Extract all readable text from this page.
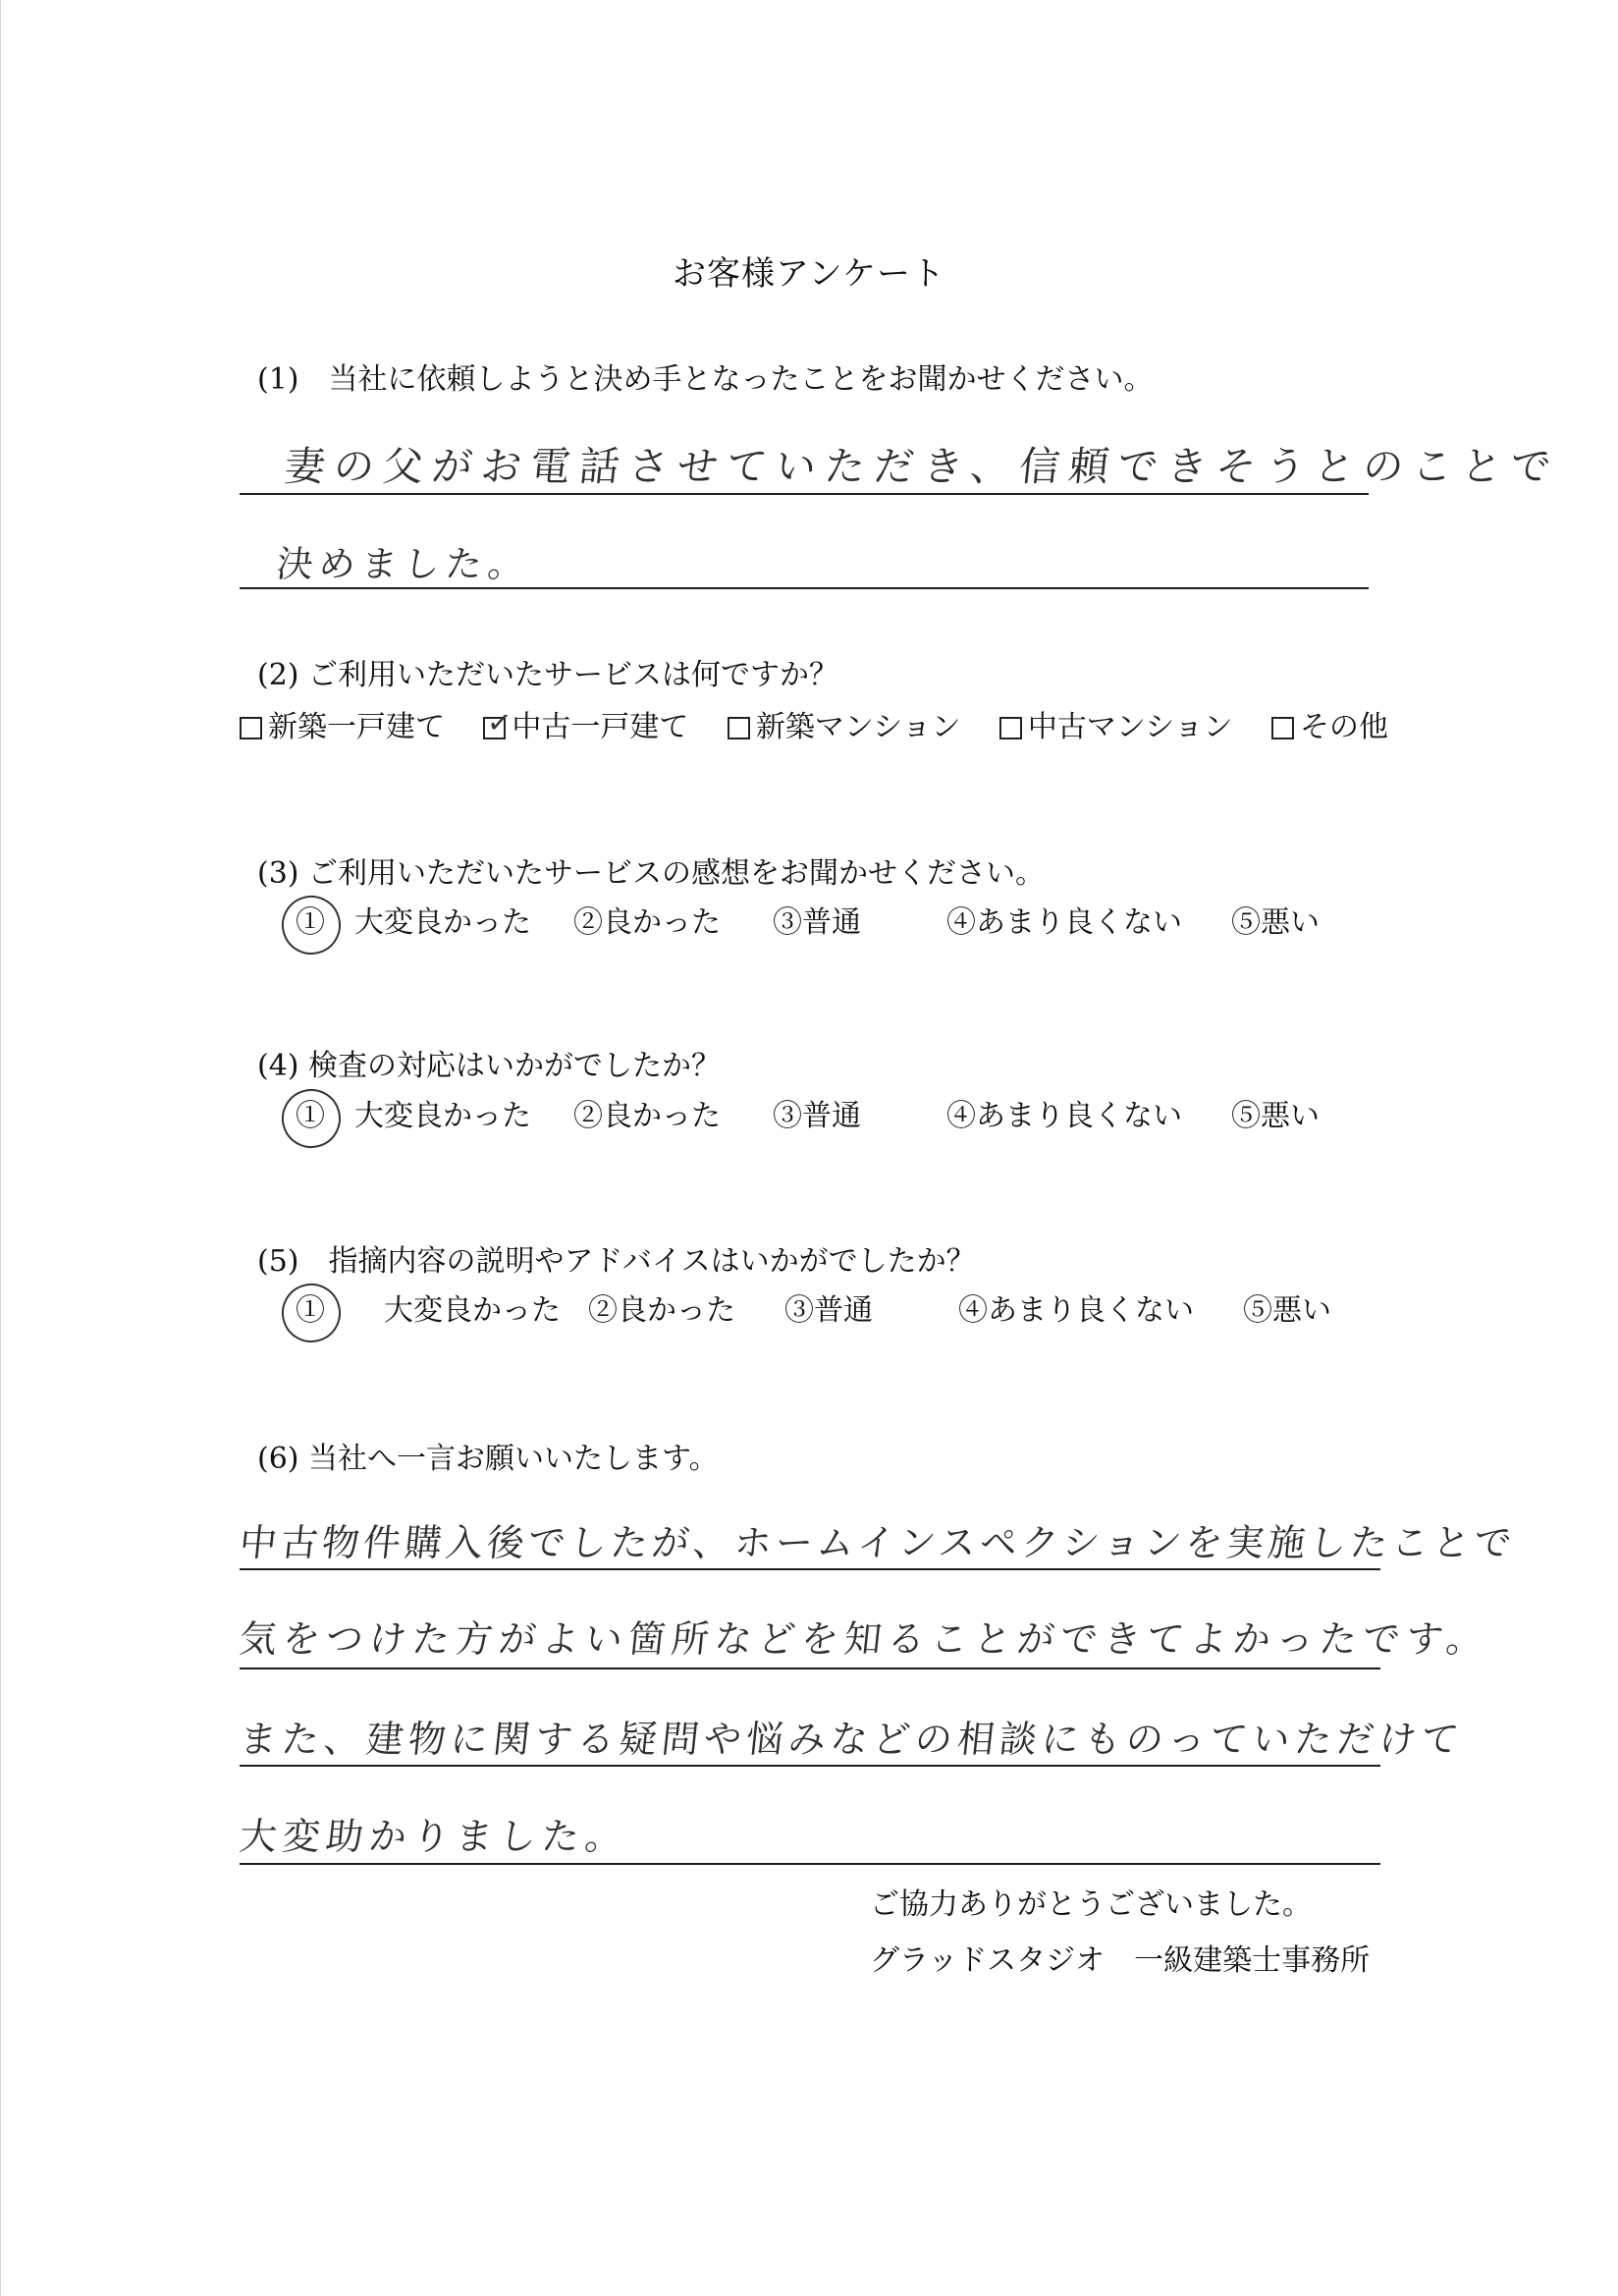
お客様アンケート
(1)　当社に依頼しようと決め手となったことをお聞かせください。
妻の父がお電話させていただき、信頼できそうとのことで
決めました。
(2) ご利用いただいたサービスは何ですか？
新築一戸建て ✓
中古一戸建て 新築マンション 中古マンション その他
(3) ご利用いただいたサービスの感想をお聞かせください。
①　大変良かった ②良かった ③普通	④あまり良くない ⑤悪い
(4) 検査の対応はいかがでしたか？
①　大変良かった ②良かった ③普通	④あまり良くない ⑤悪い
(5)　指摘内容の説明やアドバイスはいかがでしたか？
①　　大変良かった ②良かった ③普通	④あまり良くない ⑤悪い
(6) 当社へ一言お願いいたします。
中古物件購入後でしたが、ホームインスペクションを実施したことで
気をつけた方がよい箇所などを知ることができてよかったです。
また、建物に関する疑問や悩みなどの相談にものっていただけて
大変助かりました。
ご協力ありがとうございました。
グラッドスタジオ　一級建築士事務所
